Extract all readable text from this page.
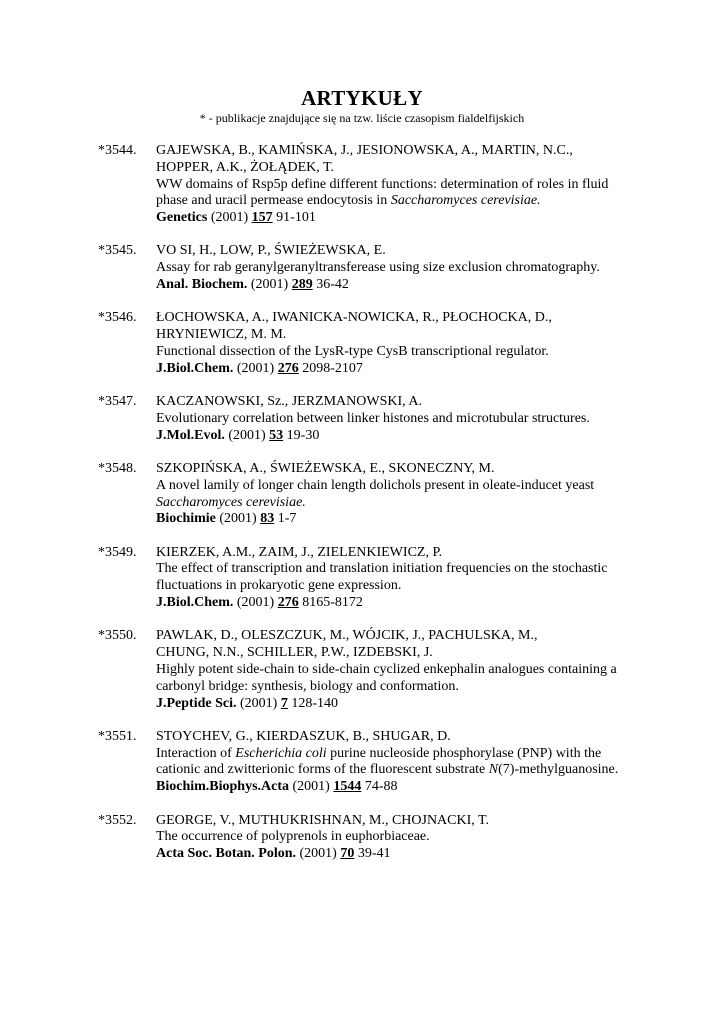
ARTYKUŁY
* - publikacje znajdujące się na tzw. liście czasopism fialdelfijskich
*3544. GAJEWSKA, B., KAMIŃSKA, J., JESIONOWSKA, A., MARTIN, N.C.,
HOPPER, A.K., ŻOŁĄDEK, T.
WW domains of Rsp5p define different functions: determination of roles in fluid
phase and uracil permease endocytosis in Saccharomyces cerevisiae.
Genetics (2001) 157 91-101
*3545. VO SI, H., LOW, P., ŚWIEŻEWSKA, E.
Assay for rab geranylgeranyltransferease using size exclusion chromatography.
Anal. Biochem. (2001) 289 36-42
*3546. ŁOCHOWSKA, A., IWANICKA-NOWICKA, R., PŁOCHOCKA, D.,
HRYNIEWICZ, M. M.
Functional dissection of the LysR-type CysB transcriptional regulator.
J.Biol.Chem. (2001) 276 2098-2107
*3547. KACZANOWSKI, Sz., JERZMANOWSKI, A.
Evolutionary correlation between linker histones and microtubular structures.
J.Mol.Evol. (2001) 53 19-30
*3548. SZKOPIŃSKA, A., ŚWIEŻEWSKA, E., SKONECZNY, M.
A novel lamily of longer chain length dolichols present in oleate-inducet yeast
Saccharomyces cerevisiae.
Biochimie (2001) 83 1-7
*3549. KIERZEK, A.M., ZAIM, J., ZIELENKIEWICZ, P.
The effect of transcription and translation initiation frequencies on the stochastic
fluctuations in prokaryotic gene expression.
J.Biol.Chem. (2001) 276 8165-8172
*3550. PAWLAK, D., OLESZCZUK, M., WÓJCIK, J., PACHULSKA, M.,
CHUNG, N.N., SCHILLER, P.W., IZDEBSKI, J.
Highly potent side-chain to side-chain cyclized enkephalin analogues containing a
carbonyl bridge: synthesis, biology and conformation.
J.Peptide Sci. (2001) 7 128-140
*3551. STOYCHEV, G., KIERDASZUK, B., SHUGAR, D.
Interaction of Escherichia coli purine nucleoside phosphorylase (PNP) with the
cationic and zwitterionic forms of the fluorescent substrate N(7)-methylguanosine.
Biochim.Biophys.Acta (2001) 1544 74-88
*3552. GEORGE, V., MUTHUKRISHNAN, M., CHOJNACKI, T.
The occurrence of polyprenols in euphorbiaceae.
Acta Soc. Botan. Polon. (2001) 70 39-41
